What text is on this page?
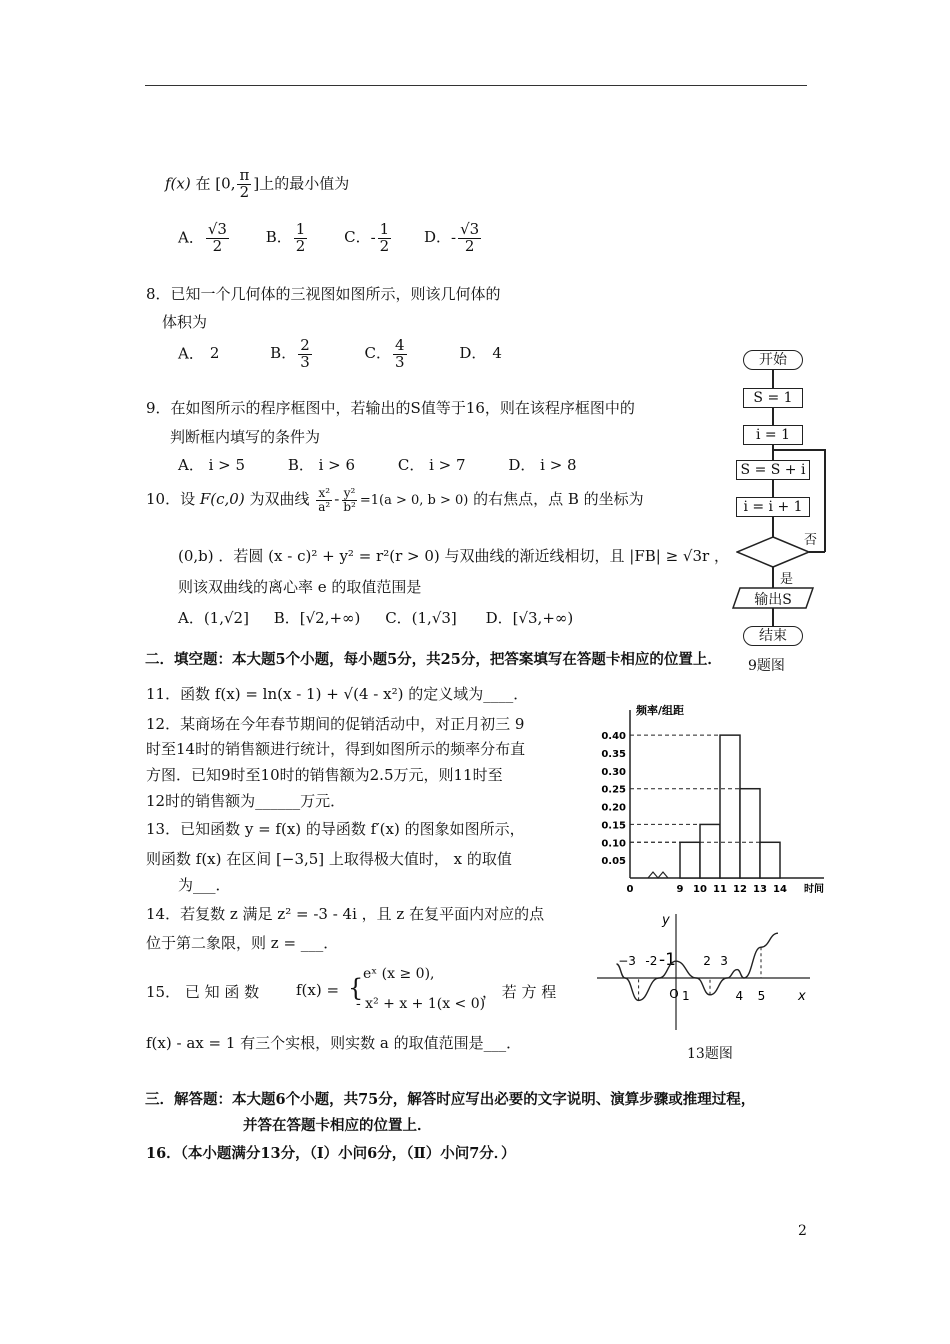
f(x) 在 [0, $\frac{\pi}{2}$ ]上的最小值为
A． $\frac{√3}{2}$ B． $\frac{1}{2}$ C．- $\frac{1}{2}$ D．- $\frac{√3}{2}$
8．已知一个几何体的三视图如图所示，则该几何体的
体积为
A． 2	B． $\frac{2}{3}$	C． $\frac{4}{3}$	D． 4
9．在如图所示的程序框图中，若输出的S值等于16，则在该程序框图中的
判断框内填写的条件为
A． i > 5	B． i > 6	C． i > 7	D． i > 8
10．设 F(c,0) 为双曲线 $\frac{\text{x²}}{\text{a²}} - \frac{\text{y²}}{\text{b²}} =1(a > 0$, b > 0) 的右焦点，点 B 的坐标为
(0,b) ．若圆 (x - c)² + y² = r²(r > 0) 与双曲线的渐近线相切，且 |FB| ≥ √3r ，
则该双曲线的离心率 e 的取值范围是
A．(1,√2] B．[√2,+∞) C．(1,√3] D．[√3,+∞)
二．填空题：本大题5个小题，每小题5分，共25分，把答案填写在答题卡相应的位置上．
11．函数 f(x) = ln(x - 1) + √(4 - x²) 的定义域为____．
12．某商场在今年春节期间的促销活动中，对正月初三 9
时至14时的销售额进行统计，得到如图所示的频率分布直
方图．已知9时至10时的销售额为2.5万元，则11时至
12时的销售额为______万元．
13．已知函数 y = f(x) 的导函数 f′(x) 的图象如图所示，
则函数 f(x) 在区间 [−3,5] 上取得极大值时， x 的取值
为___．
14．若复数 z 满足 z² = -3 - 4i ，且 z 在复平面内对应的点
位于第二象限，则 z = ___．
15． 已 知 函 数 f(x) = { eˣ (x ≥ 0),
- x² + x + 1(x < 0)
， 若 方 程
f(x) - ax = 1 有三个实根，则实数 a 的取值范围是___．
三．解答题：本大题6个小题，共75分，解答时应写出必要的文字说明、演算步骤或推理过程，
并答在答题卡相应的位置上．
16．（本小题满分13分，（Ⅰ）小问6分，（Ⅱ）小问7分．）
2
开始
S = 1
i = 1
S = S + i
i = i + 1
否
是
输出S
结束
9题图
频率/组距
0.05
0.10
0.15
0.20
0.25
0.30
0.35
0.40
0	9 10 11 12 13 14 时间
y
x
−3 -2 -1
O 1
2 3
4 5
13题图
